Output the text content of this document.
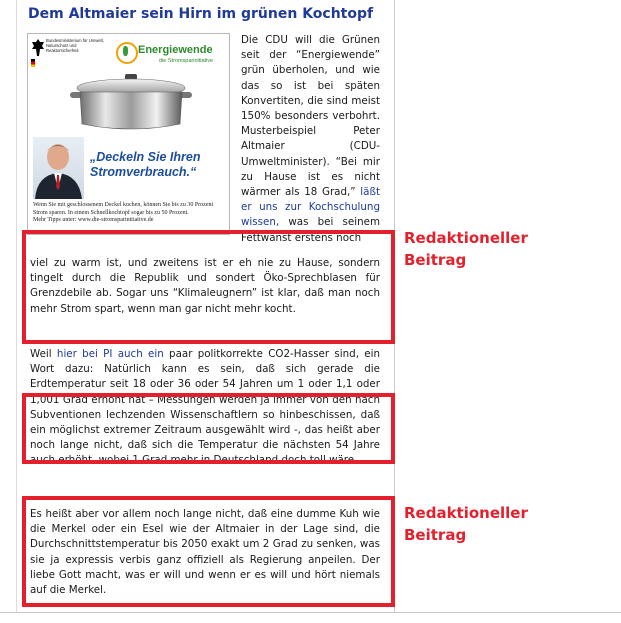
Dem Altmaier sein Hirn im grünen Kochtopf
Bundesministerium für Umwelt, Naturschutz und Reaktorsicherheit	Energiewende
die Stromsparinitiative
„Deckeln Sie Ihren
Stromverbrauch.“
Wenn Sie mit geschlossenem Deckel kochen, können Sie bis zu 30 Prozent Strom sparen. In einem Schnellkochtopf sogar bis zu 50 Prozent.
Mehr Tipps unter: www.die-stromsparinitiative.de

Die CDU will die Grünen seit der “Energiewende” grün überholen, und wie das so ist bei späten Konvertiten, die sind meist 150% besonders verbohrt. Musterbeispiel Peter Altmaier (CDU-Umweltminister). “Bei mir zu Hause ist es nicht wärmer als 18 Grad,” läßt er uns zur Kochschulung wissen, was bei seinem Fettwanst erstens noch

viel zu warm ist, und zweitens ist er eh nie zu Hause, sondern tingelt durch die Republik und sondert Öko-Sprechblasen für Grenzdebile ab. Sogar uns “Klimaleugnern” ist klar, daß man noch mehr Strom spart, wenn man gar nicht mehr kocht.

Weil hier bei PI auch ein paar politkorrekte CO2-Hasser sind, ein Wort dazu: Natürlich kann es sein, daß sich gerade die Erdtemperatur seit 18 oder 36 oder 54 Jahren um 1 oder 1,1 oder 1,001 Grad erhöht hat – Messungen werden ja immer von den nach Subventionen lechzenden Wissenschaftlern so hinbeschissen, daß ein möglichst extremer Zeitraum ausgewählt wird -, das heißt aber noch lange nicht, daß sich die Temperatur die nächsten 54 Jahre auch erhöht, wobei 1 Grad mehr in Deutschland doch toll wäre.

Es heißt aber vor allem noch lange nicht, daß eine dumme Kuh wie die Merkel oder ein Esel wie der Altmaier in der Lage sind, die Durchschnittstemperatur bis 2050 exakt um 2 Grad zu senken, was sie ja expressis verbis ganz offiziell als Regierung anpeilen. Der liebe Gott macht, was er will und wenn er es will und hört niemals auf die Merkel.

Redaktioneller
Beitrag
Redaktioneller
Beitrag
